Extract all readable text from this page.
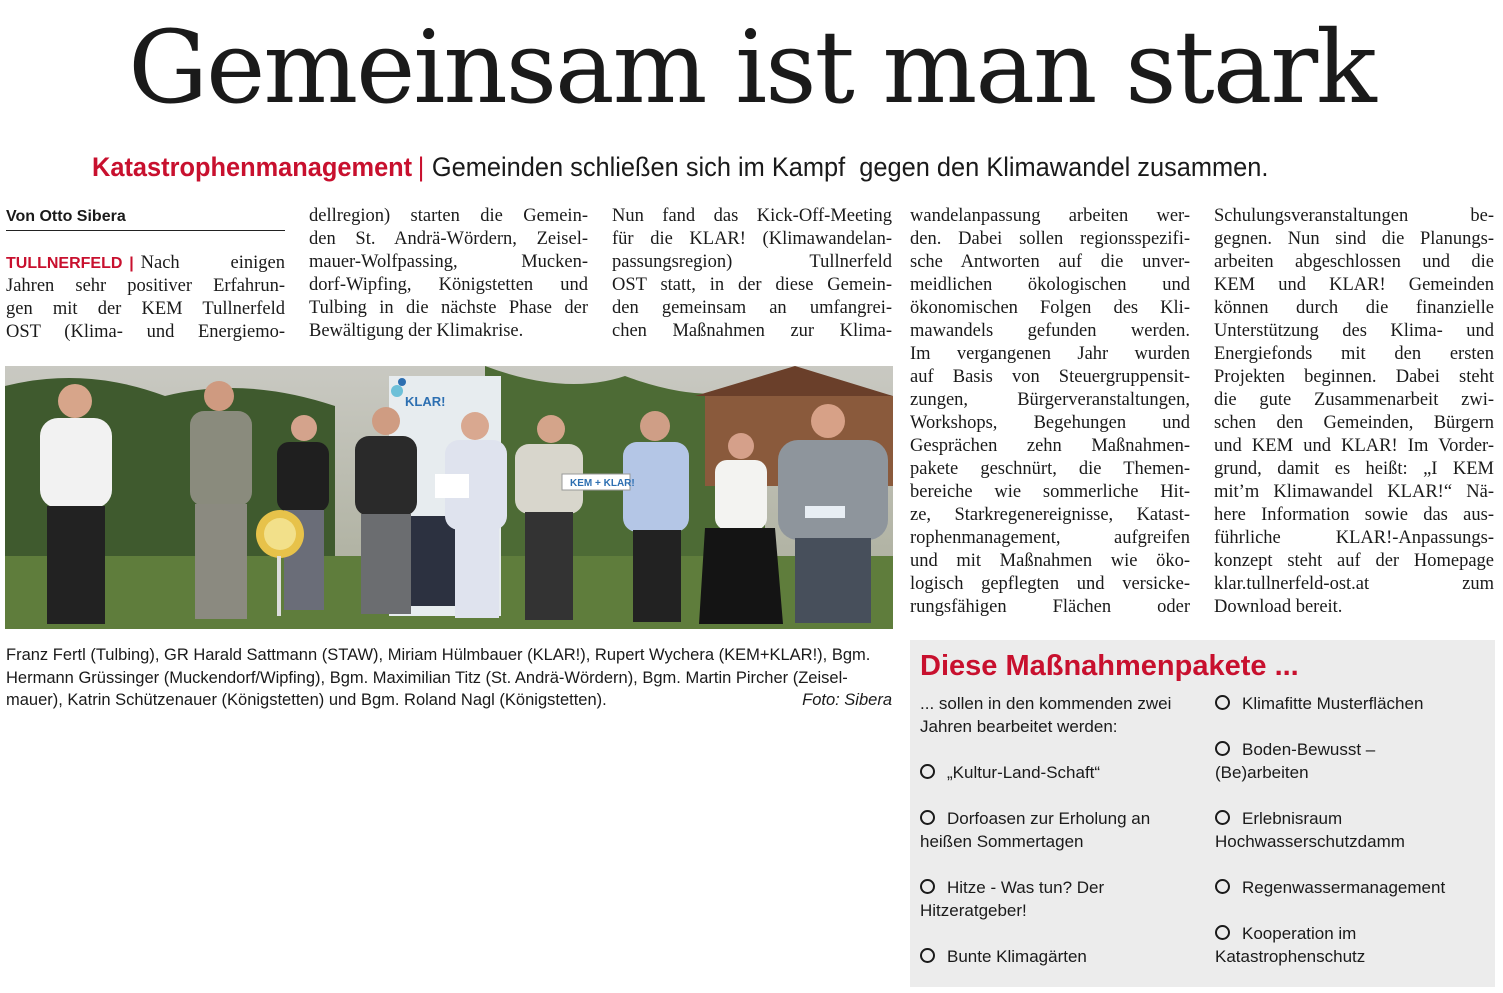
Gemeinsam ist man stark
Katastrophenmanagement | Gemeinden schließen sich im Kampf  gegen den Klimawandel zusammen.
Von Otto Sibera
TULLNERFELD | Nach einigen
Jahren sehr positiver Erfahrun-
gen mit der KEM Tullnerfeld
OST (Klima- und Energiemo-
dellregion) starten die Gemein-
den St. Andrä-Wördern, Zeisel-
mauer-Wolfpassing, Mucken-
dorf-Wipfing, Königstetten und
Tulbing in die nächste Phase der
Bewältigung der Klimakrise.
Nun fand das Kick-Off-Meeting
für die KLAR! (Klimawandelan-
passungsregion) Tullnerfeld
OST statt, in der diese Gemein-
den gemeinsam an umfangrei-
chen Maßnahmen zur Klima-
wandelanpassung arbeiten wer-
den. Dabei sollen regionsspezifi-
sche Antworten auf die unver-
meidlichen ökologischen und
ökonomischen Folgen des Kli-
mawandels gefunden werden.
Im vergangenen Jahr wurden
auf Basis von Steuergruppensit-
zungen, Bürgerveranstaltungen,
Workshops, Begehungen und
Gesprächen zehn Maßnahmen-
pakete geschnürt, die Themen-
bereiche wie sommerliche Hit-
ze, Starkregenereignisse, Katast-
rophenmanagement, aufgreifen
und mit Maßnahmen wie öko-
logisch gepflegten und versicke-
rungsfähigen Flächen oder
Schulungsveranstaltungen be-
gegnen. Nun sind die Planungs-
arbeiten abgeschlossen und die
KEM und KLAR! Gemeinden
können durch die finanzielle
Unterstützung des Klima- und
Energiefonds mit den ersten
Projekten beginnen. Dabei steht
die gute Zusammenarbeit zwi-
schen den Gemeinden, Bürgern
und KEM und KLAR! Im Vorder-
grund, damit es heißt: „I KEM
mit’m Klimawandel KLAR!“ Nä-
here Information sowie das aus-
führliche KLAR!-Anpassungs-
konzept steht auf der Homepage
klar.tullnerfeld-ost.at zum
Download bereit.
KLAR!
KEM + KLAR!
Franz Fertl (Tulbing), GR Harald Sattmann (STAW), Miriam Hülmbauer (KLAR!), Rupert Wychera (KEM+KLAR!), Bgm. Hermann Grüssinger (Muckendorf/Wipfing), Bgm. Maximilian Titz (St. Andrä-Wördern), Bgm. Martin Pircher (Zeisel-mauer), Katrin Schützenauer (Königstetten) und Bgm. Roland Nagl (Königstetten).	Foto: Sibera
Diese Maßnahmenpakete ...
... sollen in den kommenden zwei Jahren bearbeitet werden:
„Kultur-Land-Schaft“
Dorfoasen zur Erholung an heißen Sommertagen
Hitze - Was tun? Der Hitzeratgeber!
Bunte Klimagärten
Klimafitte Musterflächen
Boden-Bewusst – (Be)arbeiten
Erlebnisraum Hochwasserschutzdamm
Regenwassermanagement
Kooperation im Katastrophenschutz
